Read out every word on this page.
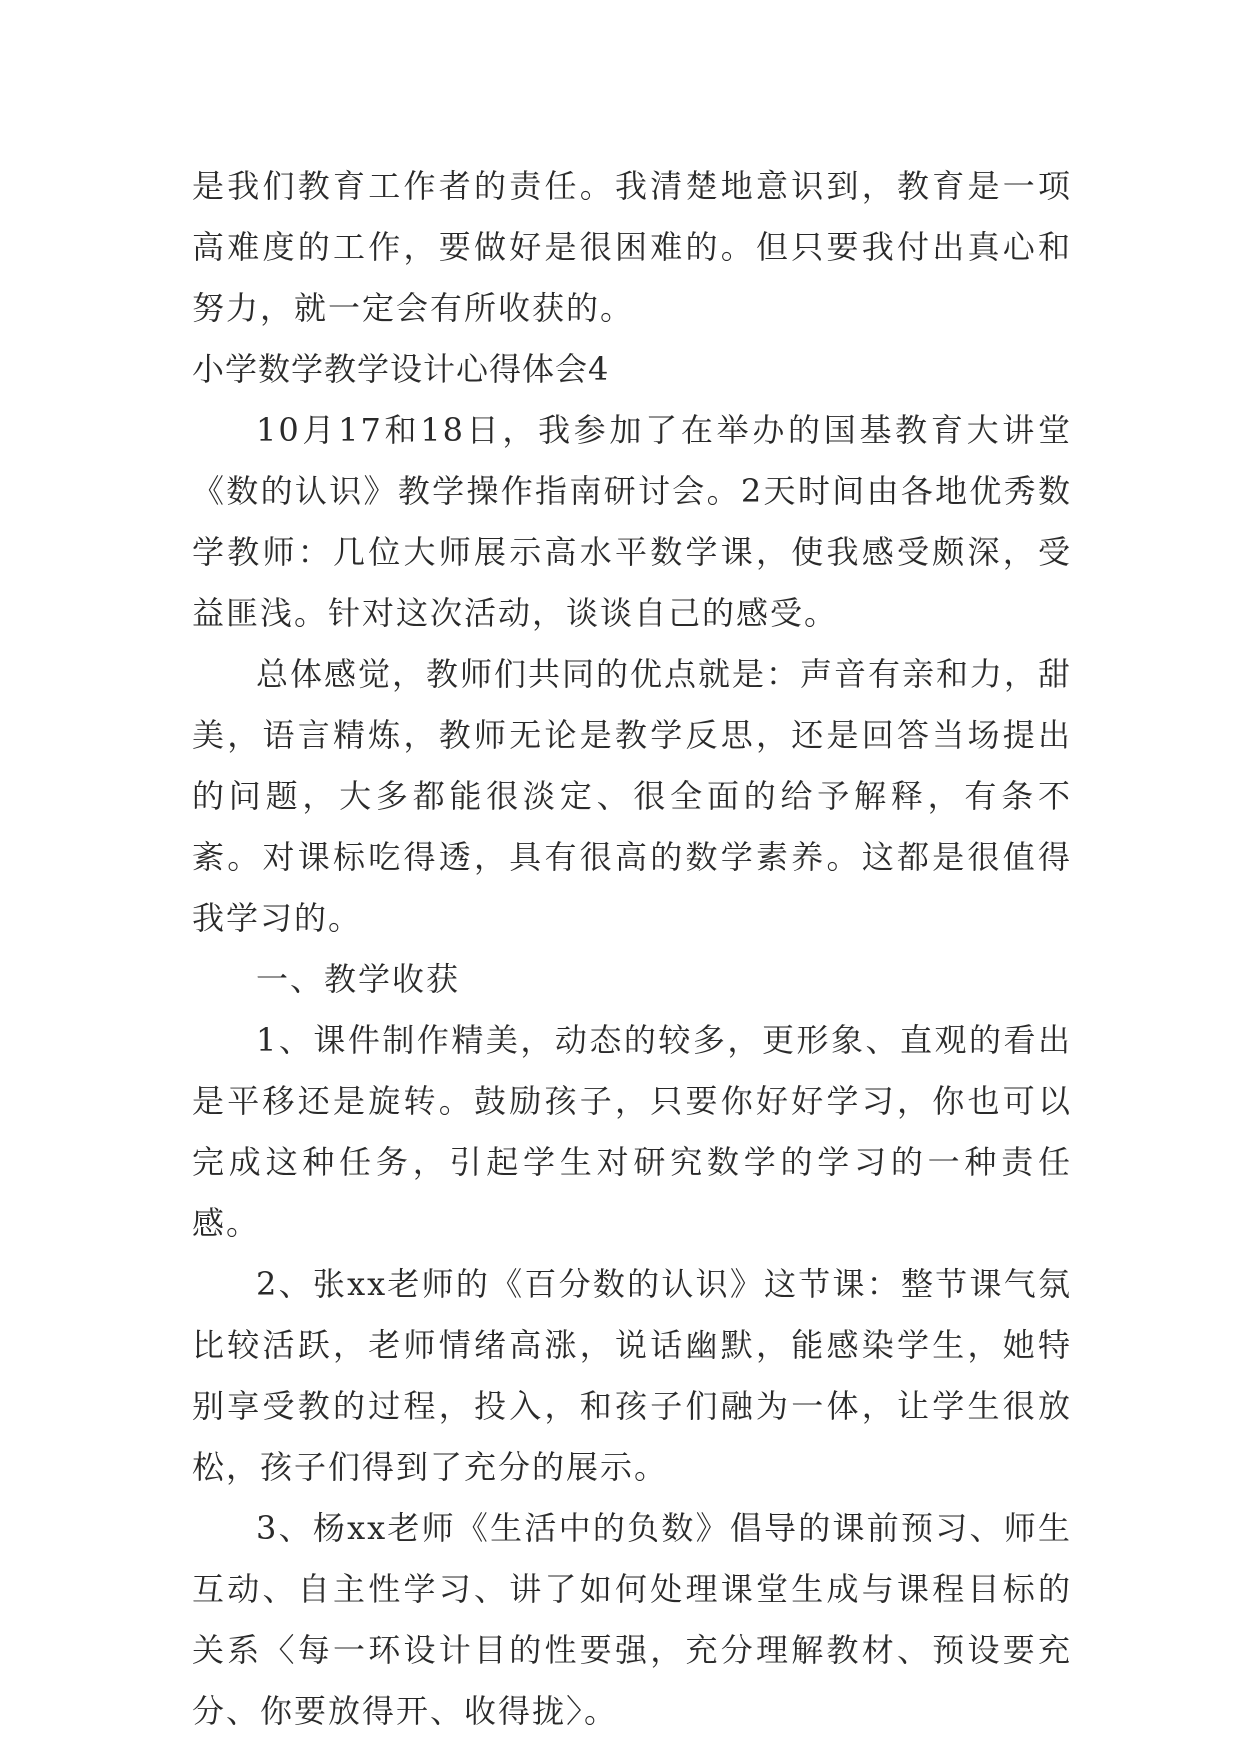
是我们教育工作者的责任。我清楚地意识到，教育是一项高难度的工作，要做好是很困难的。但只要我付出真心和努力，就一定会有所收获的。

小学数学教学设计心得体会4

10月17和18日，我参加了在举办的国基教育大讲堂《数的认识》教学操作指南研讨会。2天时间由各地优秀数学教师：几位大师展示高水平数学课，使我感受颇深，受益匪浅。针对这次活动，谈谈自己的感受。

总体感觉，教师们共同的优点就是：声音有亲和力，甜美，语言精炼，教师无论是教学反思，还是回答当场提出的问题，大多都能很淡定、很全面的给予解释，有条不紊。对课标吃得透，具有很高的数学素养。这都是很值得我学习的。

一、教学收获

1、课件制作精美，动态的较多，更形象、直观的看出是平移还是旋转。鼓励孩子，只要你好好学习，你也可以完成这种任务，引起学生对研究数学的学习的一种责任感。

2、张xx老师的《百分数的认识》这节课：整节课气氛比较活跃，老师情绪高涨，说话幽默，能感染学生，她特别享受教的过程，投入，和孩子们融为一体，让学生很放松，孩子们得到了充分的展示。

3、杨xx老师《生活中的负数》倡导的课前预习、师生互动、自主性学习、讲了如何处理课堂生成与课程目标的关系〈每一环设计目的性要强，充分理解教材、预设要充分、你要放得开、收得拢〉。
